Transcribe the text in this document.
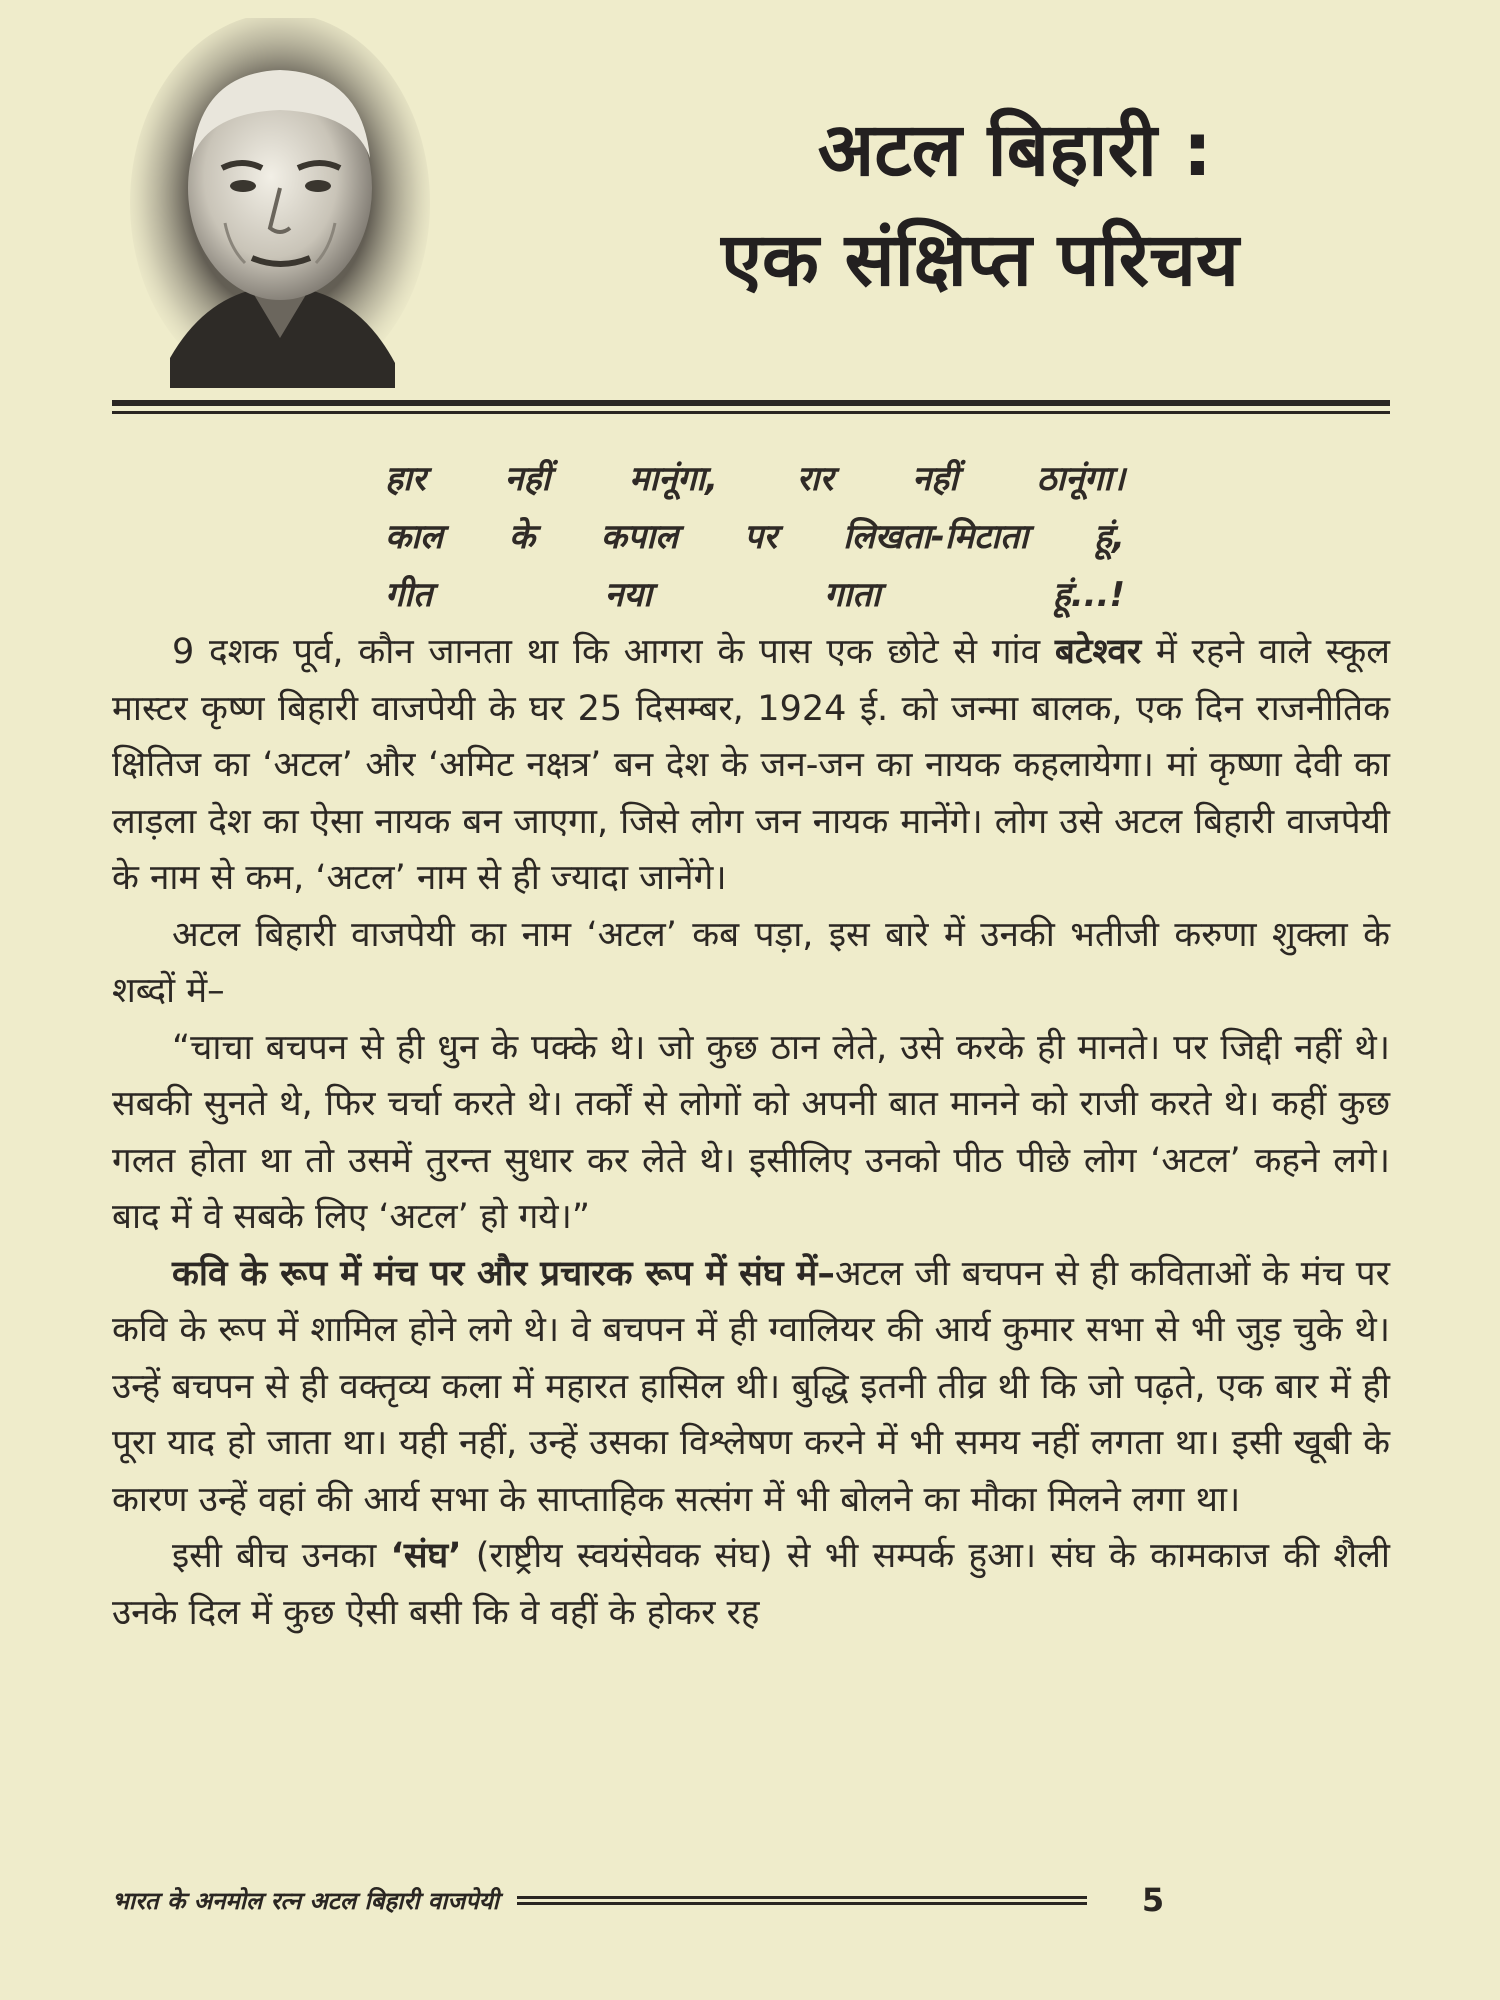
अटल बिहारी :
एक संक्षिप्त परिचय
हार नहीं मानूंगा, रार नहीं ठानूंगा।
काल के कपाल पर लिखता-मिटाता हूं,
गीत	नया	गाता	हूं...!

9 दशक पूर्व, कौन जानता था कि आगरा के पास एक छोटे से गांव बटेश्वर में रहने वाले स्कूल मास्टर कृष्ण बिहारी वाजपेयी के घर 25 दिसम्बर, 1924 ई. को जन्मा बालक, एक दिन राजनीतिक क्षितिज का ‘अटल’ और ‘अमिट नक्षत्र’ बन देश के जन-जन का नायक कहलायेगा। मां कृष्णा देवी का लाड़ला देश का ऐसा नायक बन जाएगा, जिसे लोग जन नायक मानेंगे। लोग उसे अटल बिहारी वाजपेयी के नाम से कम, ‘अटल’ नाम से ही ज्यादा जानेंगे।

अटल बिहारी वाजपेयी का नाम ‘अटल’ कब पड़ा, इस बारे में उनकी भतीजी करुणा शुक्ला के शब्दों में–

“चाचा बचपन से ही धुन के पक्के थे। जो कुछ ठान लेते, उसे करके ही मानते। पर जिद्दी नहीं थे। सबकी सुनते थे, फिर चर्चा करते थे। तर्कों से लोगों को अपनी बात मानने को राजी करते थे। कहीं कुछ गलत होता था तो उसमें तुरन्त सुधार कर लेते थे। इसीलिए उनको पीठ पीछे लोग ‘अटल’ कहने लगे। बाद में वे सबके लिए ‘अटल’ हो गये।”

कवि के रूप में मंच पर और प्रचारक रूप में संघ में–अटल जी बचपन से ही कविताओं के मंच पर कवि के रूप में शामिल होने लगे थे। वे बचपन में ही ग्वालियर की आर्य कुमार सभा से भी जुड़ चुके थे। उन्हें बचपन से ही वक्तृव्य कला में महारत हासिल थी। बुद्धि इतनी तीव्र थी कि जो पढ़ते, एक बार में ही पूरा याद हो जाता था। यही नहीं, उन्हें उसका विश्लेषण करने में भी समय नहीं लगता था। इसी खूबी के कारण उन्हें वहां की आर्य सभा के साप्ताहिक सत्संग में भी बोलने का मौका मिलने लगा था।

इसी बीच उनका ‘संघ’ (राष्ट्रीय स्वयंसेवक संघ) से भी सम्पर्क हुआ। संघ के कामकाज की शैली उनके दिल में कुछ ऐसी बसी कि वे वहीं के होकर रह

भारत के अनमोल रत्न अटल बिहारी वाजपेयी	5
